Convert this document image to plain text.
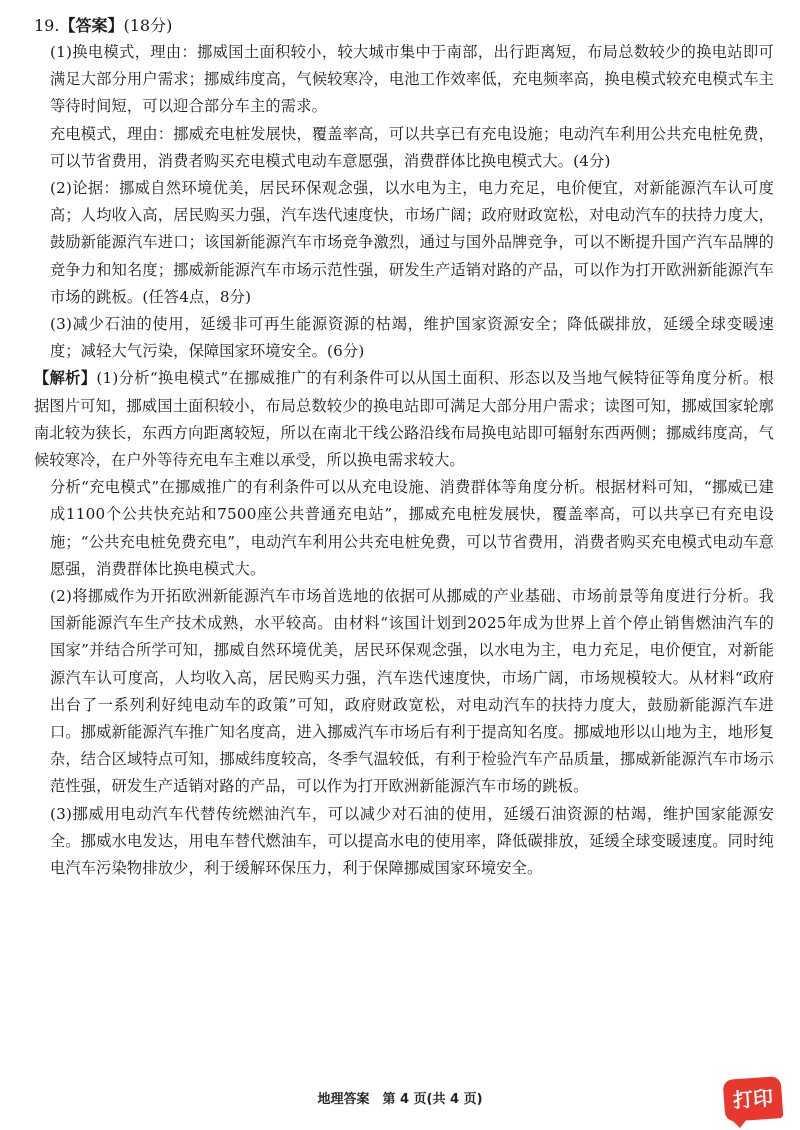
19.【答案】(18分)

(1)换电模式，理由：挪威国土面积较小，较大城市集中于南部，出行距离短，布局总数较少的换电站即可满足大部分用户需求；挪威纬度高，气候较寒冷，电池工作效率低，充电频率高，换电模式较充电模式车主等待时间短，可以迎合部分车主的需求。

充电模式，理由：挪威充电桩发展快，覆盖率高，可以共享已有充电设施；电动汽车利用公共充电桩免费，可以节省费用，消费者购买充电模式电动车意愿强，消费群体比换电模式大。(4分)

(2)论据：挪威自然环境优美，居民环保观念强，以水电为主，电力充足，电价便宜，对新能源汽车认可度高；人均收入高，居民购买力强，汽车迭代速度快，市场广阔；政府财政宽松，对电动汽车的扶持力度大，鼓励新能源汽车进口；该国新能源汽车市场竞争激烈，通过与国外品牌竞争，可以不断提升国产汽车品牌的竞争力和知名度；挪威新能源汽车市场示范性强，研发生产适销对路的产品，可以作为打开欧洲新能源汽车市场的跳板。(任答4点，8分)

(3)减少石油的使用，延缓非可再生能源资源的枯竭，维护国家资源安全；降低碳排放，延缓全球变暖速度；减轻大气污染，保障国家环境安全。(6分)

【解析】(1)分析“换电模式”在挪威推广的有利条件可以从国土面积、形态以及当地气候特征等角度分析。根据图片可知，挪威国土面积较小，布局总数较少的换电站即可满足大部分用户需求；读图可知，挪威国家轮廓南北较为狭长，东西方向距离较短，所以在南北干线公路沿线布局换电站即可辐射东西两侧；挪威纬度高，气候较寒冷，在户外等待充电车主难以承受，所以换电需求较大。

分析“充电模式”在挪威推广的有利条件可以从充电设施、消费群体等角度分析。根据材料可知，“挪威已建成1100个公共快充站和7500座公共普通充电站”，挪威充电桩发展快，覆盖率高，可以共享已有充电设施；“公共充电桩免费充电”，电动汽车利用公共充电桩免费，可以节省费用，消费者购买充电模式电动车意愿强，消费群体比换电模式大。

(2)将挪威作为开拓欧洲新能源汽车市场首选地的依据可从挪威的产业基础、市场前景等角度进行分析。我国新能源汽车生产技术成熟，水平较高。由材料“该国计划到2025年成为世界上首个停止销售燃油汽车的国家”并结合所学可知，挪威自然环境优美，居民环保观念强，以水电为主，电力充足，电价便宜，对新能源汽车认可度高，人均收入高，居民购买力强，汽车迭代速度快，市场广阔，市场规模较大。从材料“政府出台了一系列利好纯电动车的政策”可知，政府财政宽松，对电动汽车的扶持力度大，鼓励新能源汽车进口。挪威新能源汽车推广知名度高，进入挪威汽车市场后有利于提高知名度。挪威地形以山地为主，地形复杂，结合区域特点可知，挪威纬度较高，冬季气温较低，有利于检验汽车产品质量，挪威新能源汽车市场示范性强，研发生产适销对路的产品，可以作为打开欧洲新能源汽车市场的跳板。

(3)挪威用电动汽车代替传统燃油汽车，可以减少对石油的使用，延缓石油资源的枯竭，维护国家能源安全。挪威水电发达，用电车替代燃油车，可以提高水电的使用率，降低碳排放，延缓全球变暖速度。同时纯电汽车污染物排放少，利于缓解环保压力，利于保障挪威国家环境安全。

地理答案　第 4 页(共 4 页)	打印
